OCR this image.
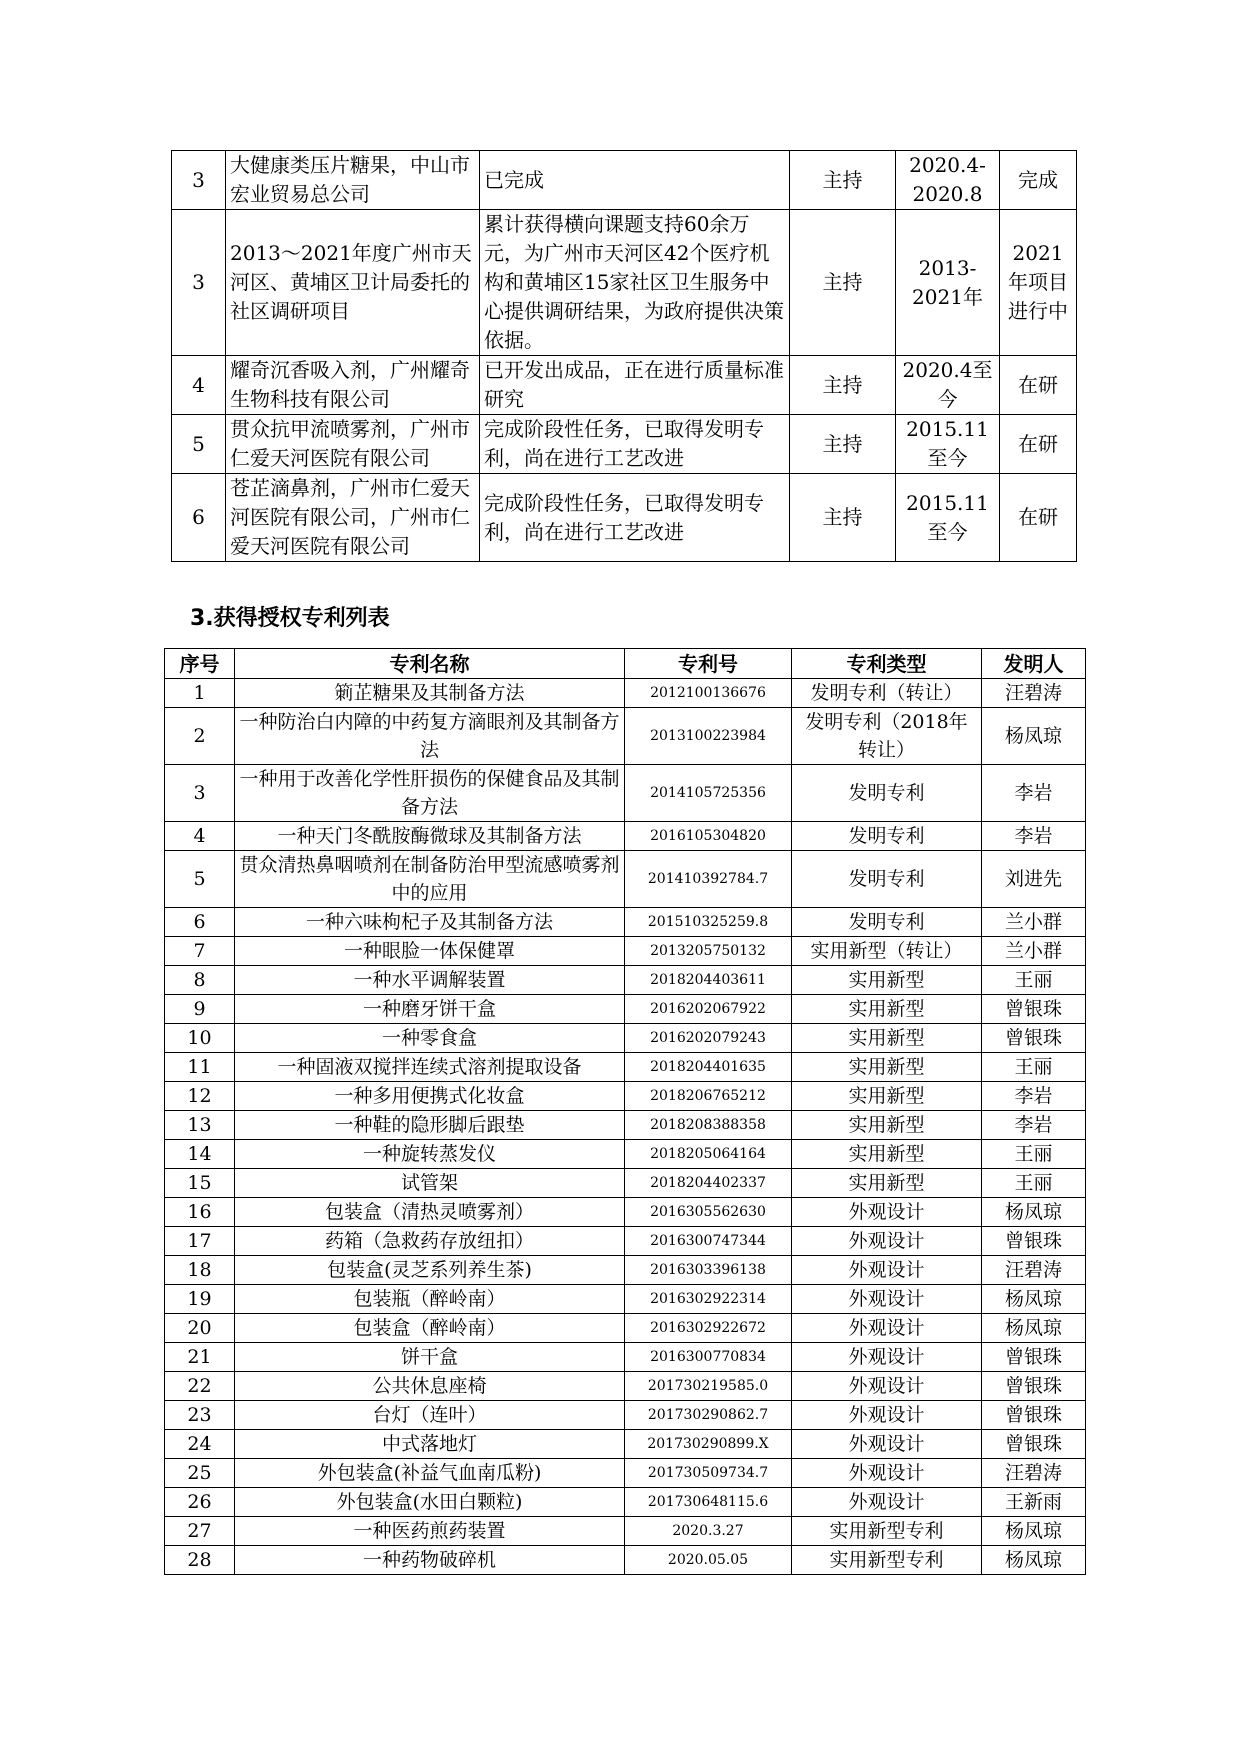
3	大健康类压片糖果，中山市宏业贸易总公司	已完成	主持	2020.4-2020.8	完成
3	2013～2021年度广州市天河区、黄埔区卫计局委托的社区调研项目	累计获得横向课题支持60余万元，为广州市天河区42个医疗机构和黄埔区15家社区卫生服务中心提供调研结果，为政府提供决策依据。	主持	2013-2021年	2021年项目进行中
4	耀奇沉香吸入剂，广州耀奇生物科技有限公司	已开发出成品，正在进行质量标准研究	主持	2020.4至今	在研
5	贯众抗甲流喷雾剂，广州市仁爱天河医院有限公司	完成阶段性任务，已取得发明专利，尚在进行工艺改进	主持	2015.11至今	在研
6	苍芷滴鼻剂，广州市仁爱天河医院有限公司，广州市仁爱天河医院有限公司	完成阶段性任务，已取得发明专利，尚在进行工艺改进	主持	2015.11至今	在研
3.获得授权专利列表
序号	专利名称	专利号	专利类型	发明人
1	箣芷糖果及其制备方法	2012100136676	发明专利（转让）	汪碧涛
2	一种防治白内障的中药复方滴眼剂及其制备方法	2013100223984	发明专利（2018年转让）	杨凤琼
3	一种用于改善化学性肝损伤的保健食品及其制备方法	2014105725356	发明专利	李岩
4	一种天门冬酰胺酶微球及其制备方法	2016105304820	发明专利	李岩
5	贯众清热鼻咽喷剂在制备防治甲型流感喷雾剂中的应用	201410392784.7	发明专利	刘进先
6	一种六味枸杞子及其制备方法	201510325259.8	发明专利	兰小群
7	一种眼脸一体保健罩	2013205750132	实用新型（转让）	兰小群
8	一种水平调解装置	2018204403611	实用新型	王丽
9	一种磨牙饼干盒	2016202067922	实用新型	曾银珠
10	一种零食盒	2016202079243	实用新型	曾银珠
11	一种固液双搅拌连续式溶剂提取设备	2018204401635	实用新型	王丽
12	一种多用便携式化妆盒	2018206765212	实用新型	李岩
13	一种鞋的隐形脚后跟垫	2018208388358	实用新型	李岩
14	一种旋转蒸发仪	2018205064164	实用新型	王丽
15	试管架	2018204402337	实用新型	王丽
16	包装盒（清热灵喷雾剂）	2016305562630	外观设计	杨凤琼
17	药箱（急救药存放纽扣）	2016300747344	外观设计	曾银珠
18	包装盒(灵芝系列养生茶)	2016303396138	外观设计	汪碧涛
19	包装瓶（醉岭南）	2016302922314	外观设计	杨凤琼
20	包装盒（醉岭南）	2016302922672	外观设计	杨凤琼
21	饼干盒	2016300770834	外观设计	曾银珠
22	公共休息座椅	201730219585.0	外观设计	曾银珠
23	台灯（连叶）	201730290862.7	外观设计	曾银珠
24	中式落地灯	201730290899.X	外观设计	曾银珠
25	外包装盒(补益气血南瓜粉)	201730509734.7	外观设计	汪碧涛
26	外包装盒(水田白颗粒)	201730648115.6	外观设计	王新雨
27	一种医药煎药装置	2020.3.27	实用新型专利	杨凤琼
28	一种药物破碎机	2020.05.05	实用新型专利	杨凤琼
